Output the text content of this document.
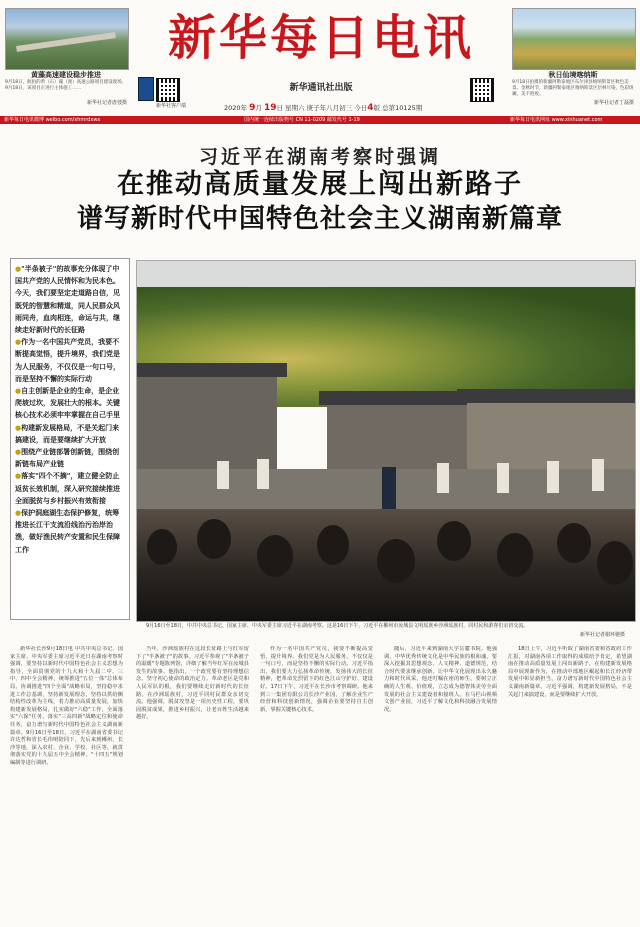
黄藻高速建设稳步推进
9月18日，航拍的黄（石）藻（渡）高速公路项目建设现场。9月18日，该项目正进行主体施工……
新华社记者唐弢摄
新华每日电讯
新华社客户端
新华通讯社出版
2020年 9月 19日 星期六 庚子年八月初三 今日4版 总第10125期
秋日仙境喀纳斯
9月18日拍摄的新疆阿勒泰地区布尔津县喀纳斯景区秋色美景。金秋时节，新疆阿勒泰地区喀纳斯景区层林尽染，色彩斑斓，美不胜收。
新华社记者丁磊摄
新华每日电讯微博 weibo.com/xhmrdxwx	国内统一连续出版物号 CN 11-0209 邮发代号 1-19	新华每日电讯网址 www.xinhuanet.com
习近平在湖南考察时强调
在推动高质量发展上闯出新路子
谱写新时代中国特色社会主义湖南新篇章
●"半条被子"的故事充分体现了中国共产党的人民情怀和为民本色。今天，我们要坚定走道路自信，见既凭的智慧和精道，同人民群众风雨同舟，血肉相连，命运与共，继续走好新时代的长征路
●作为一名中国共产党员，我要不断提高觉悟，提升境界，我们党是为人民服务，不仅仅是一句口号，而是坚持不懈的实际行动
●自主创新是企业的生命，是企业爬坡过坎，发展壮大的根本。关键核心技术必须牢牢掌握在自己手里
●构建新发展格局，不是关起门来搞建设，而是要继续扩大开放
●围绕产业链部署创新链，围绕创新链布局产业链
●落实"四个不摘"，建立健全防止返贫长效机制，深入研究接续推进全面脱贫与乡村振兴有效衔接
●保护洞庭湖生态保护修复，统筹推进长江干支流沿线治污治岸治渔，做好渔民转产安置和民生保障工作
9月16日至18日，中共中央总书记、国家主席、中央军委主席习近平在湖南考察。这是16日下午，习近平在郴州市汝城县文明瑶族乡沙洲瑶族村，同村民和游客们亲切交流。
新华社记者谢环驰摄
新华社长沙9月18日电 中共中央总书记、国家主席、中央军委主席习近平近日在湖南考察时强调，要坚持以新时代中国特色社会主义思想为指导，全面贯彻党的十九大和十九届二中、三中、四中全会精神，统筹推进"五位一体"总体布局，协调推进"四个全面"战略布局，坚持稳中求进工作总基调，坚持新发展理念，坚持以供给侧结构性改革为主线，着力推动高质量发展，加快构建新发展格局，扎实做好"六稳"工作，全面落实"六保"任务，落实"三高四新"战略定位和使命任务，奋力谱写新时代中国特色社会主义湖南新篇章。9月16日至18日，习近平在湖南省委书记许达哲和省长毛伟明陪同下，先后来到郴州、长沙等地，深入农村、企业、学校、社区等，就贯彻落实党的十九届五中全会精神、"十四五"规划编制等进行调研。
当年，沙洲瑶族村在这段长征路上与红军留下了"半条被子"的故事。习近平参观了"半条被子的温暖"专题陈列馆，详细了解当年红军在汝城县发生的故事。他指出，一个政党要有坚持理想信念、坚守初心使命的政治定力。革命老区是党和人民军队的根，我们要继续走好新时代的长征路。在沙洲瑶族村，习近平同村民群众亲切交流。他强调，脱贫攻坚是一项历史性工程，要巩固脱贫成果，推进乡村振兴，让老百姓生活越来越好。
作为一名中国共产党员，我要不断提高觉悟，提升境界。我们党是为人民服务，不仅仅是一句口号，而是坚持不懈的实际行动。习近平指出，我们要大力弘扬革命传统，发扬伟大的长征精神，把革命先烈留下的红色江山守护好、建设好。17日下午，习近平在长沙市考察调研。他来到三一集团有限公司长沙产业园，了解企业生产经营和科技创新情况，强调企业要坚持自主创新，掌握关键核心技术。
随后，习近平来到湖南大学岳麓书院。他强调，中华优秀传统文化是中华民族的根和魂，要深入挖掘其思想观念、人文精神、道德规范，结合时代要求继承创新，让中华文化展现出永久魅力和时代风采。他还叮嘱在座的师生，要树立正确的人生观、价值观，立志成为德智体美劳全面发展的社会主义建设者和接班人。在马栏山视频文创产业园，习近平了解文化和科技融合发展情况。
18日上午，习近平听取了湖南省委和省政府工作汇报，对湖南各项工作取得的成绩给予肯定，希望湖南在推动高质量发展上闯出新路子，在构建新发展格局中展现新作为，在推动中部地区崛起和长江经济带发展中彰显新担当，奋力谱写新时代中国特色社会主义湖南新篇章。习近平强调，构建新发展格局，不是关起门来搞建设，而是要继续扩大开放。
